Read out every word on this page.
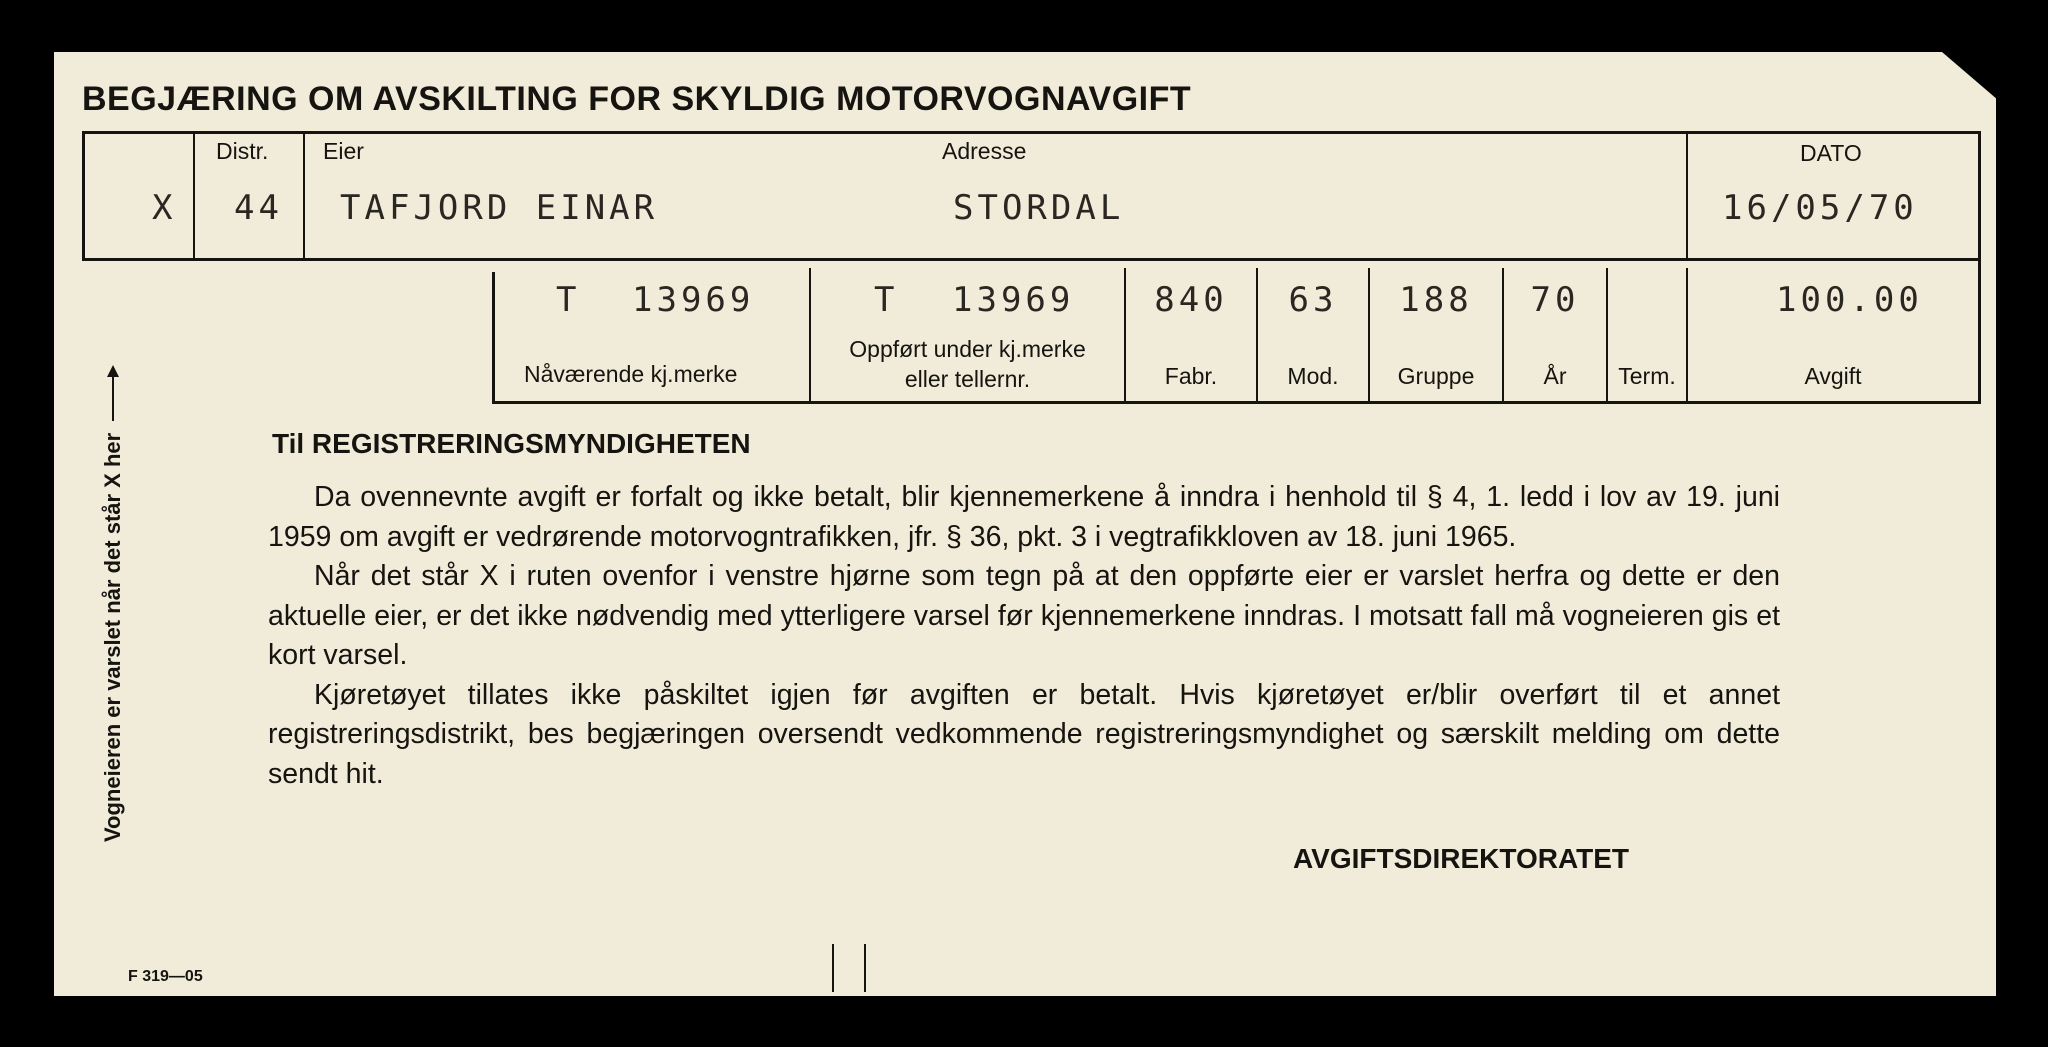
BEGJÆRING OM AVSKILTING FOR SKYLDIG MOTORVOGNAVGIFT
X
Distr.
44
Eier
TAFJORD EINAR
Adresse
STORDAL
DATO
16/05/70
T 13969
Nåværende kj.merke
T 13969
Oppført under kj.merke
eller tellernr.
840
Fabr.
63
Mod.
188
Gruppe
70
År	Term.
100.00
Avgift
Vogneieren er varslet når det står X her	Til REGISTRERINGSMYNDIGHETEN

Da ovennevnte avgift er forfalt og ikke betalt, blir kjennemerkene å inndra i henhold til § 4, 1. ledd i lov av 19. juni 1959 om avgift er vedrørende motorvogntrafikken, jfr. § 36, pkt. 3 i vegtrafikkloven av 18. juni 1965.

Når det står X i ruten ovenfor i venstre hjørne som tegn på at den oppførte eier er varslet herfra og dette er den aktuelle eier, er det ikke nødvendig med ytterligere varsel før kjennemerkene inndras. I motsatt fall må vogneieren gis et kort varsel.

Kjøretøyet tillates ikke påskiltet igjen før avgiften er betalt. Hvis kjøretøyet er/blir overført til et annet registreringsdistrikt, bes begjæringen oversendt vedkommende registreringsmyndighet og særskilt melding om dette sendt hit.

AVGIFTSDIREKTORATET
F 319—05
